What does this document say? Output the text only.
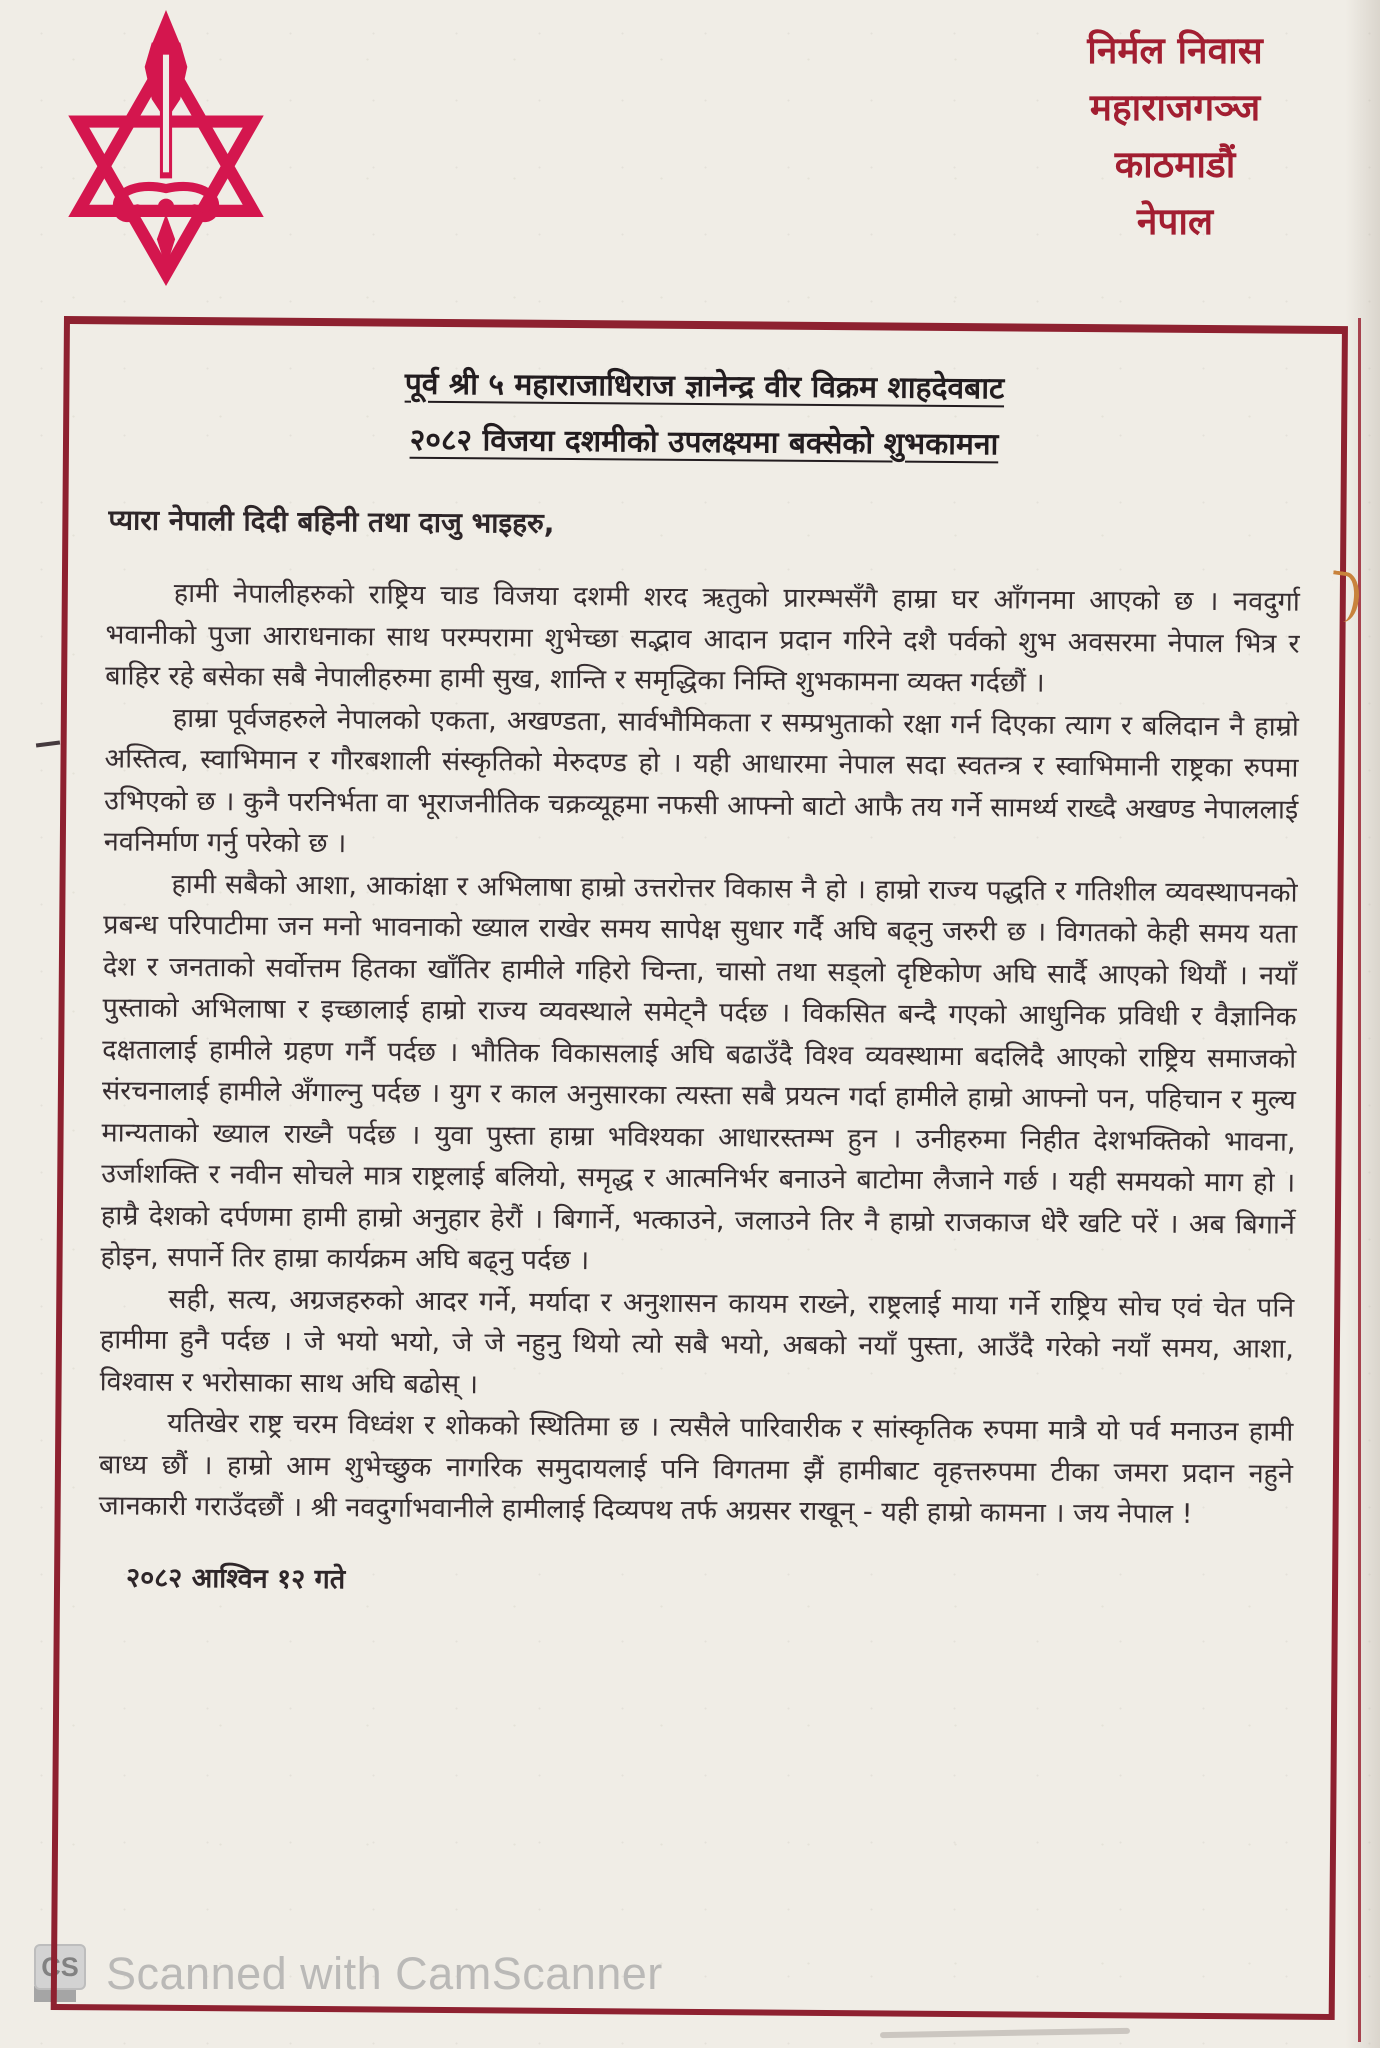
निर्मल निवास
महाराजगञ्ज
काठमाडौं
नेपाल
पूर्व श्री ५ महाराजाधिराज ज्ञानेन्द्र वीर विक्रम शाहदेवबाट
२०८२ विजया दशमीको उपलक्ष्यमा बक्सेको शुभकामना
प्यारा नेपाली दिदी बहिनी तथा दाजु भाइहरु,

हामी नेपालीहरुको राष्ट्रिय चाड विजया दशमी शरद ऋतुको प्रारम्भसँगै हाम्रा घर आँगनमा आएको छ । नवदुर्गा भवानीको पुजा आराधनाका साथ परम्परामा शुभेच्छा सद्भाव आदान प्रदान गरिने दशै पर्वको शुभ अवसरमा नेपाल भित्र र बाहिर रहे बसेका सबै नेपालीहरुमा हामी सुख, शान्ति र समृद्धिका निम्ति शुभकामना व्यक्त गर्दछौं ।

हाम्रा पूर्वजहरुले नेपालको एकता, अखण्डता, सार्वभौमिकता र सम्प्रभुताको रक्षा गर्न दिएका त्याग र बलिदान नै हाम्रो अस्तित्व, स्वाभिमान र गौरबशाली संस्कृतिको मेरुदण्ड हो । यही आधारमा नेपाल सदा स्वतन्त्र र स्वाभिमानी राष्ट्रका रुपमा उभिएको छ । कुनै परनिर्भता वा भूराजनीतिक चक्रव्यूहमा नफसी आफ्नो बाटो आफै तय गर्ने सामर्थ्य राख्दै अखण्ड नेपाललाई नवनिर्माण गर्नु परेको छ ।

हामी सबैको आशा, आकांक्षा र अभिलाषा हाम्रो उत्तरोत्तर विकास नै हो । हाम्रो राज्य पद्धति र गतिशील व्यवस्थापनको प्रबन्ध परिपाटीमा जन मनो भावनाको ख्याल राखेर समय सापेक्ष सुधार गर्दै अघि बढ्नु जरुरी छ । विगतको केही समय यता देश र जनताको सर्वोत्तम हितका खाँतिर हामीले गहिरो चिन्ता, चासो तथा सड्लो दृष्टिकोण अघि सार्दै आएको थियौं । नयाँ पुस्ताको अभिलाषा र इच्छालाई हाम्रो राज्य व्यवस्थाले समेट्नै पर्दछ । विकसित बन्दै गएको आधुनिक प्रविधी र वैज्ञानिक दक्षतालाई हामीले ग्रहण गर्नै पर्दछ । भौतिक विकासलाई अघि बढाउँदै विश्व व्यवस्थामा बदलिदै आएको राष्ट्रिय समाजको संरचनालाई हामीले अँगाल्नु पर्दछ । युग र काल अनुसारका त्यस्ता सबै प्रयत्न गर्दा हामीले हाम्रो आफ्नो पन, पहिचान र मुल्य मान्यताको ख्याल राख्नै पर्दछ । युवा पुस्ता हाम्रा भविश्यका आधारस्तम्भ हुन । उनीहरुमा निहीत देशभक्तिको भावना, उर्जाशक्ति र नवीन सोचले मात्र राष्ट्रलाई बलियो, समृद्ध र आत्मनिर्भर बनाउने बाटोमा लैजाने गर्छ । यही समयको माग हो । हाम्रै देशको दर्पणमा हामी हाम्रो अनुहार हेरौं । बिगार्ने, भत्काउने, जलाउने तिर नै हाम्रो राजकाज धेरै खटि परें । अब बिगार्ने होइन, सपार्ने तिर हाम्रा कार्यक्रम अघि बढ्नु पर्दछ ।

सही, सत्य, अग्रजहरुको आदर गर्ने, मर्यादा र अनुशासन कायम राख्ने, राष्ट्रलाई माया गर्ने राष्ट्रिय सोच एवं चेत पनि हामीमा हुनै पर्दछ । जे भयो भयो, जे जे नहुनु थियो त्यो सबै भयो, अबको नयाँ पुस्ता, आउँदै गरेको नयाँ समय, आशा, विश्वास र भरोसाका साथ अघि बढोस् ।

यतिखेर राष्ट्र चरम विध्वंश र शोकको स्थितिमा छ । त्यसैले पारिवारीक र सांस्कृतिक रुपमा मात्रै यो पर्व मनाउन हामी बाध्य छौं । हाम्रो आम शुभेच्छुक नागरिक समुदायलाई पनि विगतमा झैं हामीबाट वृहत्तरुपमा टीका जमरा प्रदान नहुने जानकारी गराउँदछौं । श्री नवदुर्गाभवानीले हामीलाई दिव्यपथ तर्फ अग्रसर राखून् - यही हाम्रो कामना । जय नेपाल !

२०८२ आश्विन १२ गते
CS Scanned with CamScanner
